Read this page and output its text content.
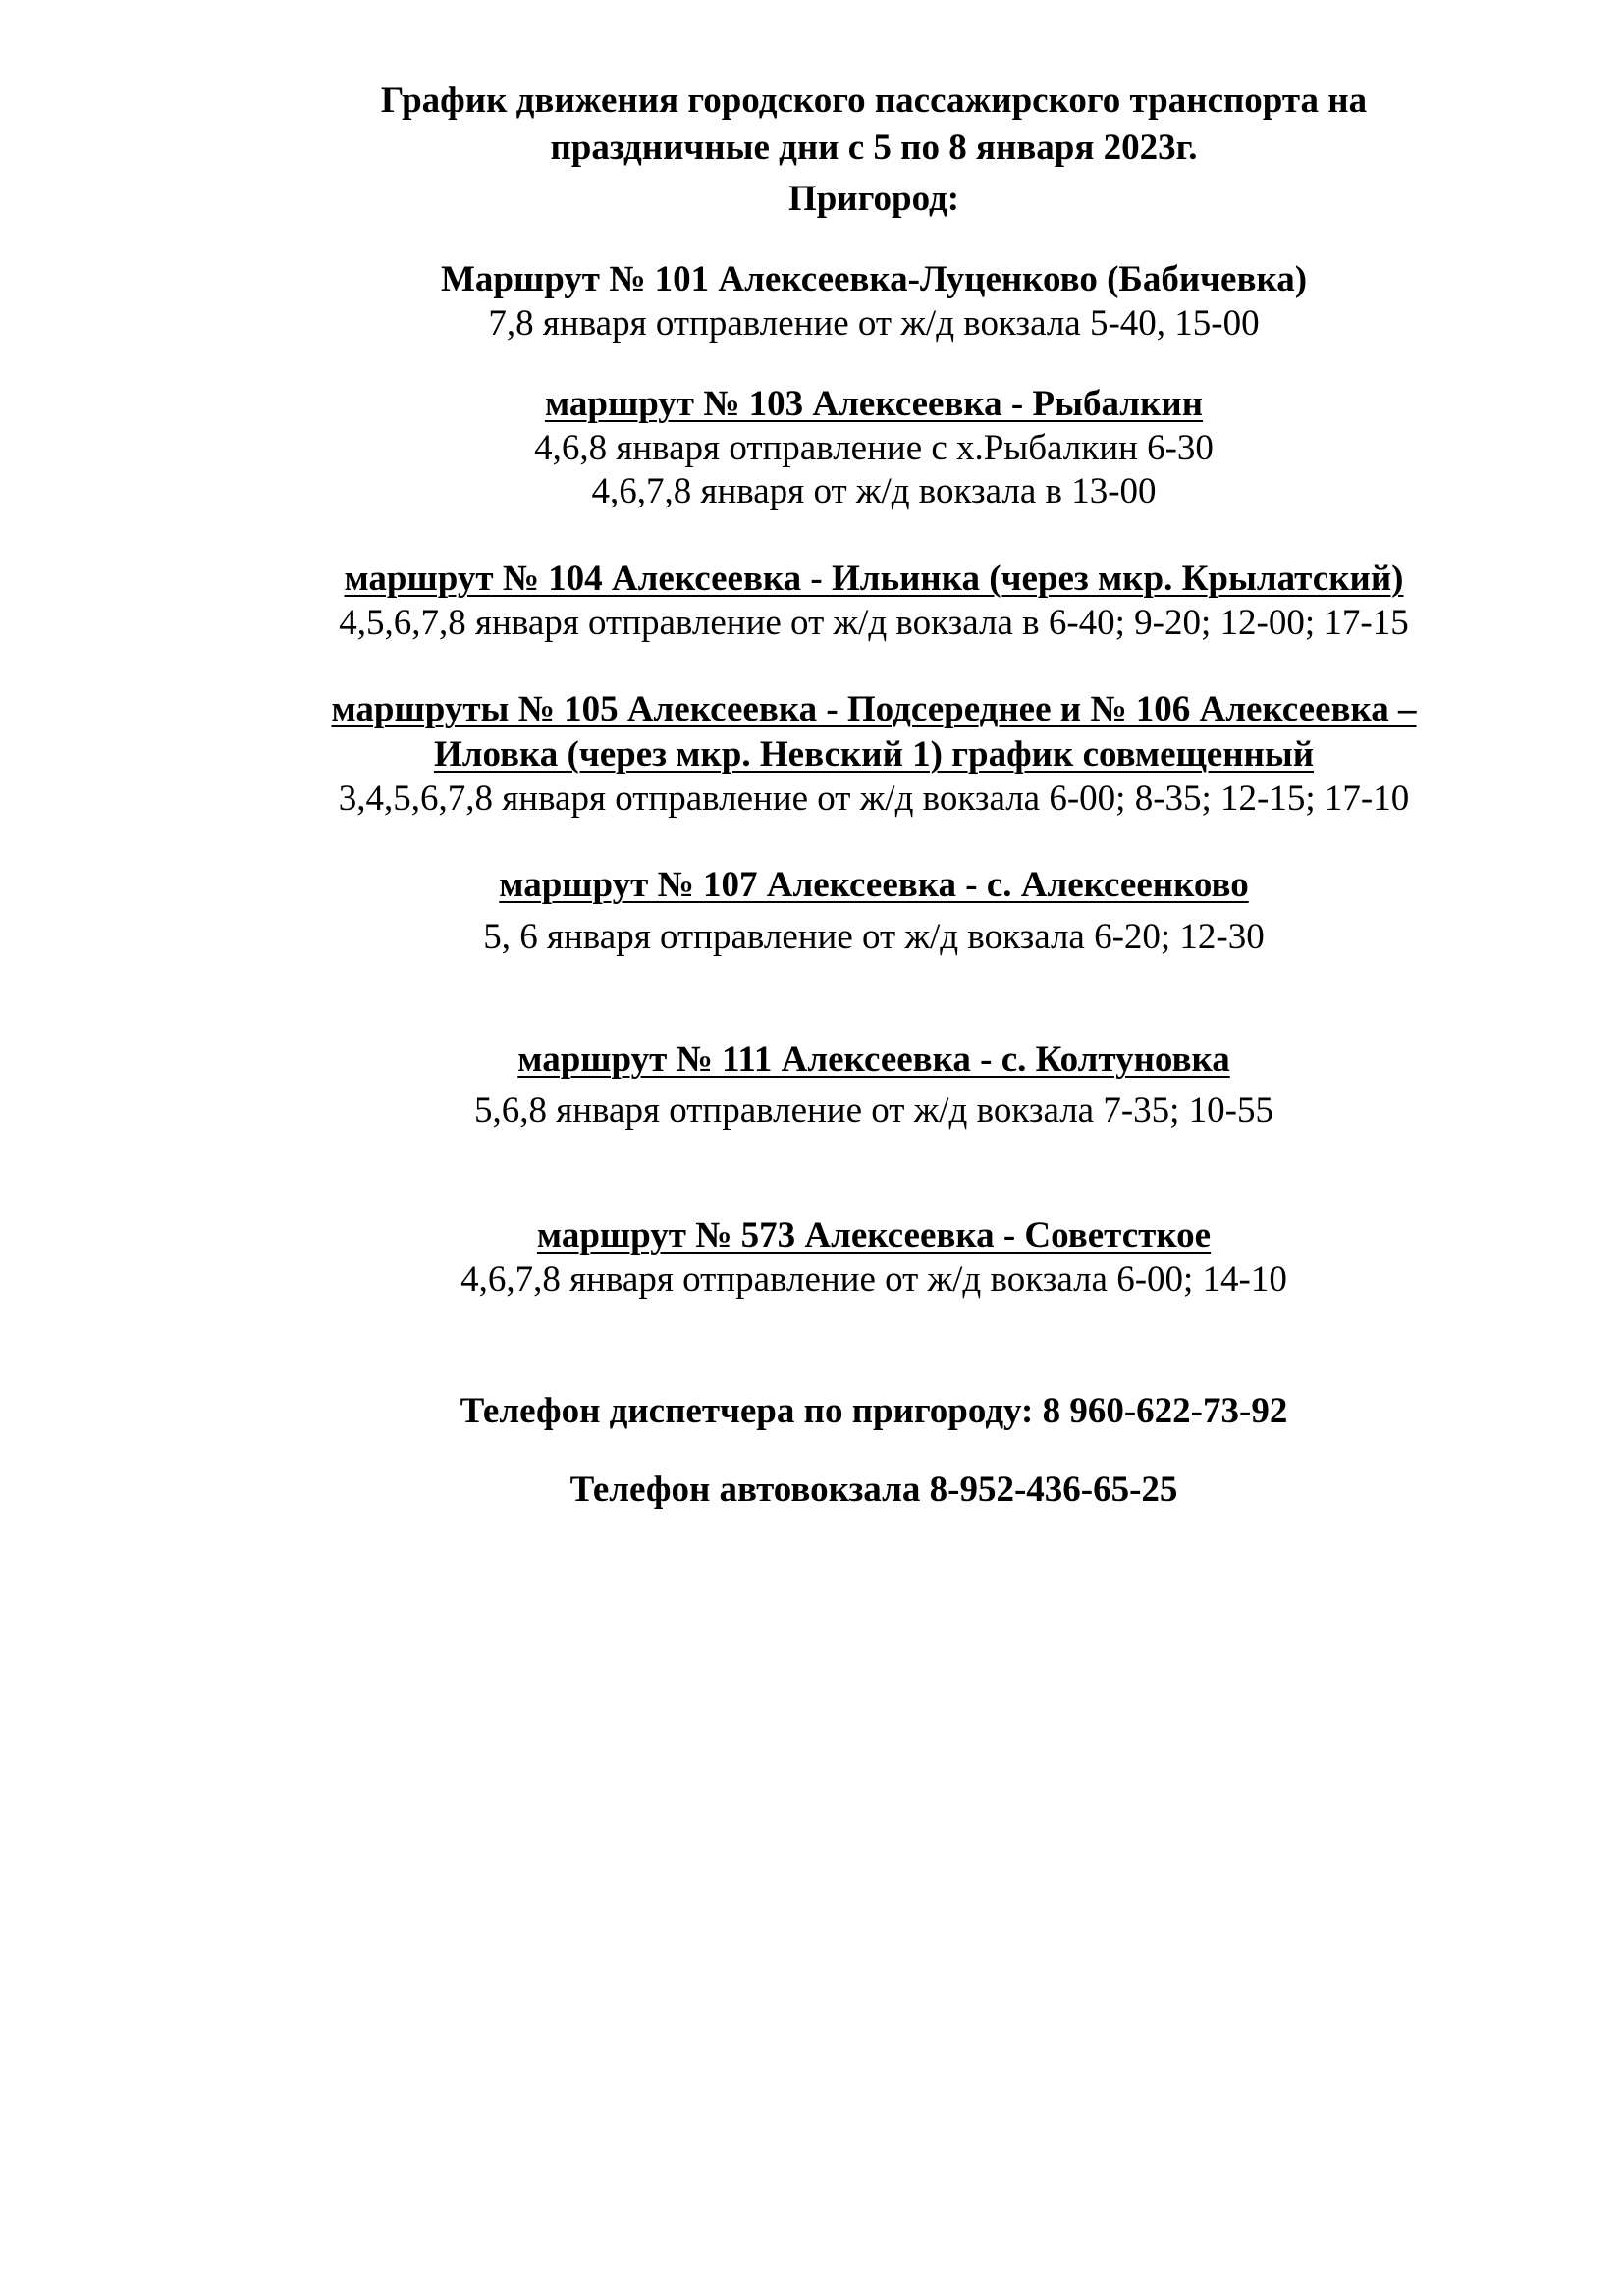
График движения городского пассажирского транспорта на

праздничные дни с 5 по 8 января 2023г.

Пригород:

Маршрут № 101 Алексеевка-Луценково (Бабичевка)

7,8 января отправление от ж/д вокзала 5-40, 15-00

маршрут № 103 Алексеевка - Рыбалкин

4,6,8 января отправление с х.Рыбалкин 6-30

4,6,7,8 января от ж/д вокзала в 13-00

маршрут № 104 Алексеевка - Ильинка (через мкр. Крылатский)

4,5,6,7,8 января отправление от ж/д вокзала в 6-40; 9-20; 12-00; 17-15

маршруты № 105 Алексеевка - Подсереднее и № 106 Алексеевка –

Иловка (через мкр. Невский 1) график совмещенный

3,4,5,6,7,8 января отправление от ж/д вокзала 6-00; 8-35; 12-15; 17-10

маршрут № 107 Алексеевка - с. Алексеенково

5, 6 января отправление от ж/д вокзала 6-20; 12-30

маршрут № 111 Алексеевка - с. Колтуновка

5,6,8 января отправление от ж/д вокзала 7-35; 10-55

маршрут № 573 Алексеевка - Советсткое

4,6,7,8 января отправление от ж/д вокзала 6-00; 14-10

Телефон диспетчера по пригороду: 8 960-622-73-92

Телефон автовокзала 8-952-436-65-25
